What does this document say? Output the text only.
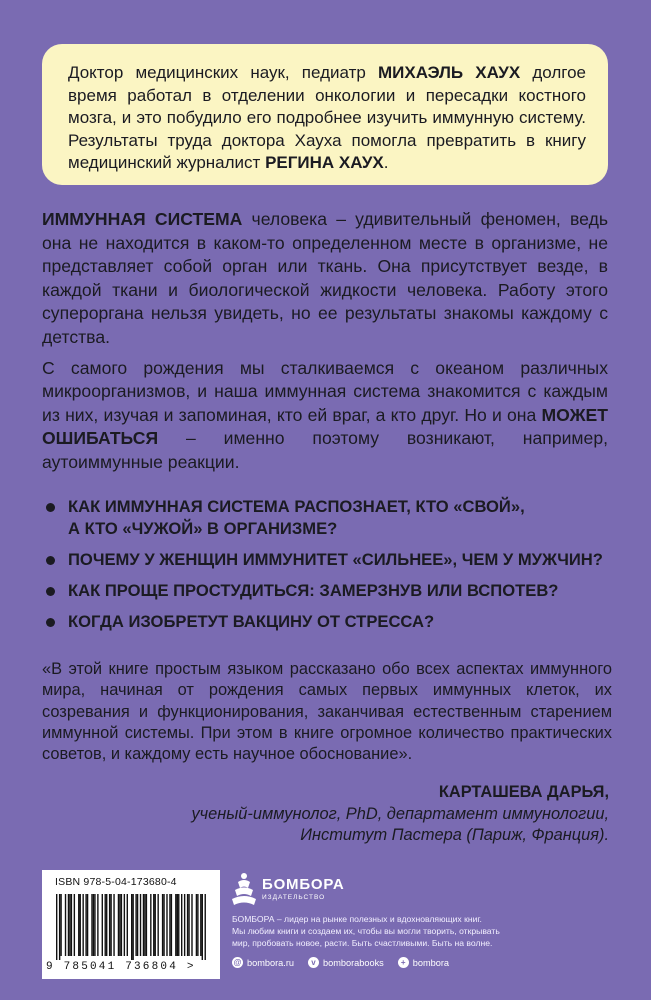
Доктор медицинских наук, педиатр МИХАЭЛЬ ХАУХ долгое время работал в отделении онкологии и пересадки костного мозга, и это побудило его подробнее изучить иммунную систему. Результаты труда доктора Хауха помогла превратить в книгу медицинский журналист РЕГИНА ХАУХ.

ИММУННАЯ СИСТЕМА человека – удивительный феномен, ведь она не находится в каком-то определенном месте в организме, не представляет собой орган или ткань. Она присутствует везде, в каждой ткани и биологической жидкости человека. Работу этого суперорганa нельзя увидеть, но ее результаты знакомы каждому с детства.

С самого рождения мы сталкиваемся с океаном различных микроорганизмов, и наша иммунная система знакомится с каждым из них, изучая и запоминая, кто ей враг, а кто друг. Но и она МОЖЕТ ОШИБАТЬСЯ – именно поэтому возникают, например, аутоиммунные реакции.

КАК ИММУННАЯ СИСТЕМА РАСПОЗНАЕТ, КТО «СВОЙ»,
А КТО «ЧУЖОЙ» В ОРГАНИЗМЕ?
ПОЧЕМУ У ЖЕНЩИН ИММУНИТЕТ «СИЛЬНЕЕ», ЧЕМ У МУЖЧИН?
КАК ПРОЩЕ ПРОСТУДИТЬСЯ: ЗАМЕРЗНУВ ИЛИ ВСПОТЕВ?
КОГДА ИЗОБРЕТУТ ВАКЦИНУ ОТ СТРЕССА?

«В этой книге простым языком рассказано обо всех аспектах иммунного мира, начиная от рождения самых первых иммунных клеток, их созревания и функционирования, заканчивая естественным старением иммунной системы. При этом в книге огромное количество практических советов, и каждому есть научное обоснование».

КАРТАШЕВА ДАРЬЯ,
ученый-иммунолог, PhD, департамент иммунологии,
Институт Пастера (Париж, Франция).
ISBN 978-5-04-173680-4
9 785041 736804 >
БОМБОРА
ИЗДАТЕЛЬСТВО
БОМБОРА – лидер на рынке полезных и вдохновляющих книг.
Мы любим книги и создаем их, чтобы вы могли творить, открывать
мир, пробовать новое, расти. Быть счастливыми. Быть на волне.
@ bombora.ru	v bomborabooks	+ bombora
